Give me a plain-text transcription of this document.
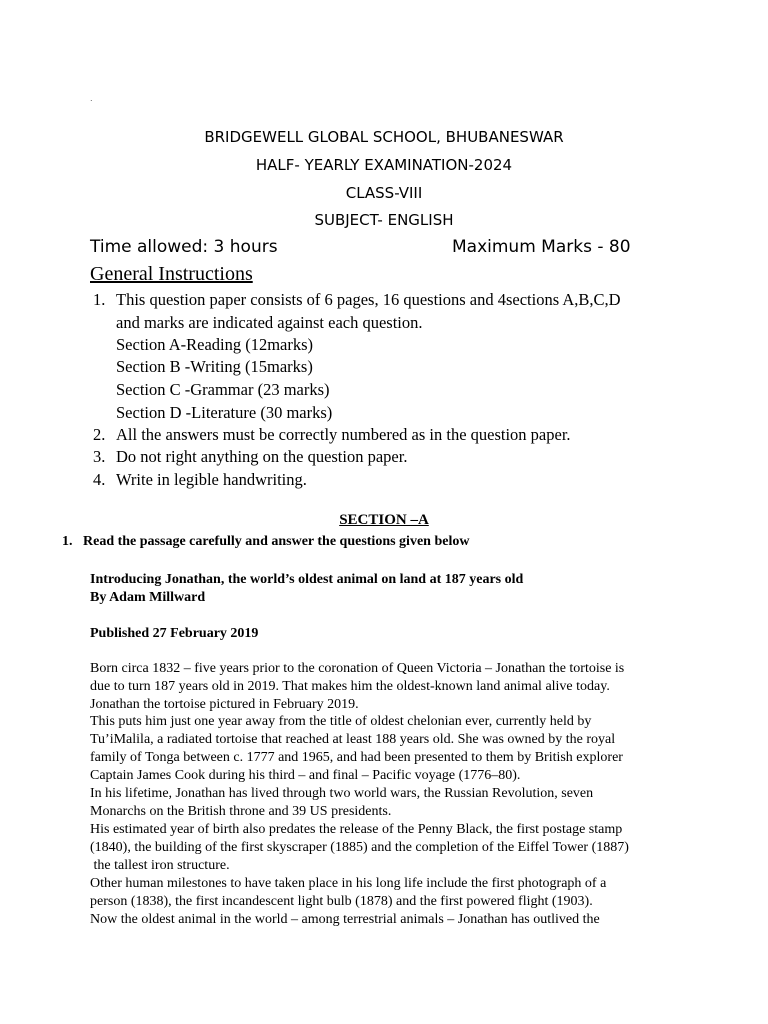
.
BRIDGEWELL GLOBAL SCHOOL, BHUBANESWAR
HALF- YEARLY EXAMINATION-2024
CLASS-VIII
SUBJECT- ENGLISH
Time allowed: 3 hours	Maximum Marks - 80
General Instructions
1. This question paper consists of 6 pages, 16 questions and 4sections A,B,C,D
and marks are indicated against each question.
Section A-Reading (12marks)
Section B -Writing (15marks)
Section C -Grammar (23 marks)
Section D -Literature (30 marks)
2. All the answers must be correctly numbered as in the question paper.
3. Do not right anything on the question paper.
4. Write in legible handwriting.
SECTION –A
1.   Read the passage carefully and answer the questions given below
Introducing Jonathan, the world’s oldest animal on land at 187 years old
By Adam Millward
Published 27 February 2019
Born circa 1832 – five years prior to the coronation of Queen Victoria – Jonathan the tortoise is
due to turn 187 years old in 2019. That makes him the oldest-known land animal alive today.
Jonathan the tortoise pictured in February 2019.
This puts him just one year away from the title of oldest chelonian ever, currently held by
Tu’iMalila, a radiated tortoise that reached at least 188 years old. She was owned by the royal
family of Tonga between c. 1777 and 1965, and had been presented to them by British explorer
Captain James Cook during his third – and final – Pacific voyage (1776–80).
In his lifetime, Jonathan has lived through two world wars, the Russian Revolution, seven
Monarchs on the British throne and 39 US presidents.
His estimated year of birth also predates the release of the Penny Black, the first postage stamp
(1840), the building of the first skyscraper (1885) and the completion of the Eiffel Tower (1887)
the tallest iron structure.
Other human milestones to have taken place in his long life include the first photograph of a
person (1838), the first incandescent light bulb (1878) and the first powered flight (1903).
Now the oldest animal in the world – among terrestrial animals – Jonathan has outlived the
